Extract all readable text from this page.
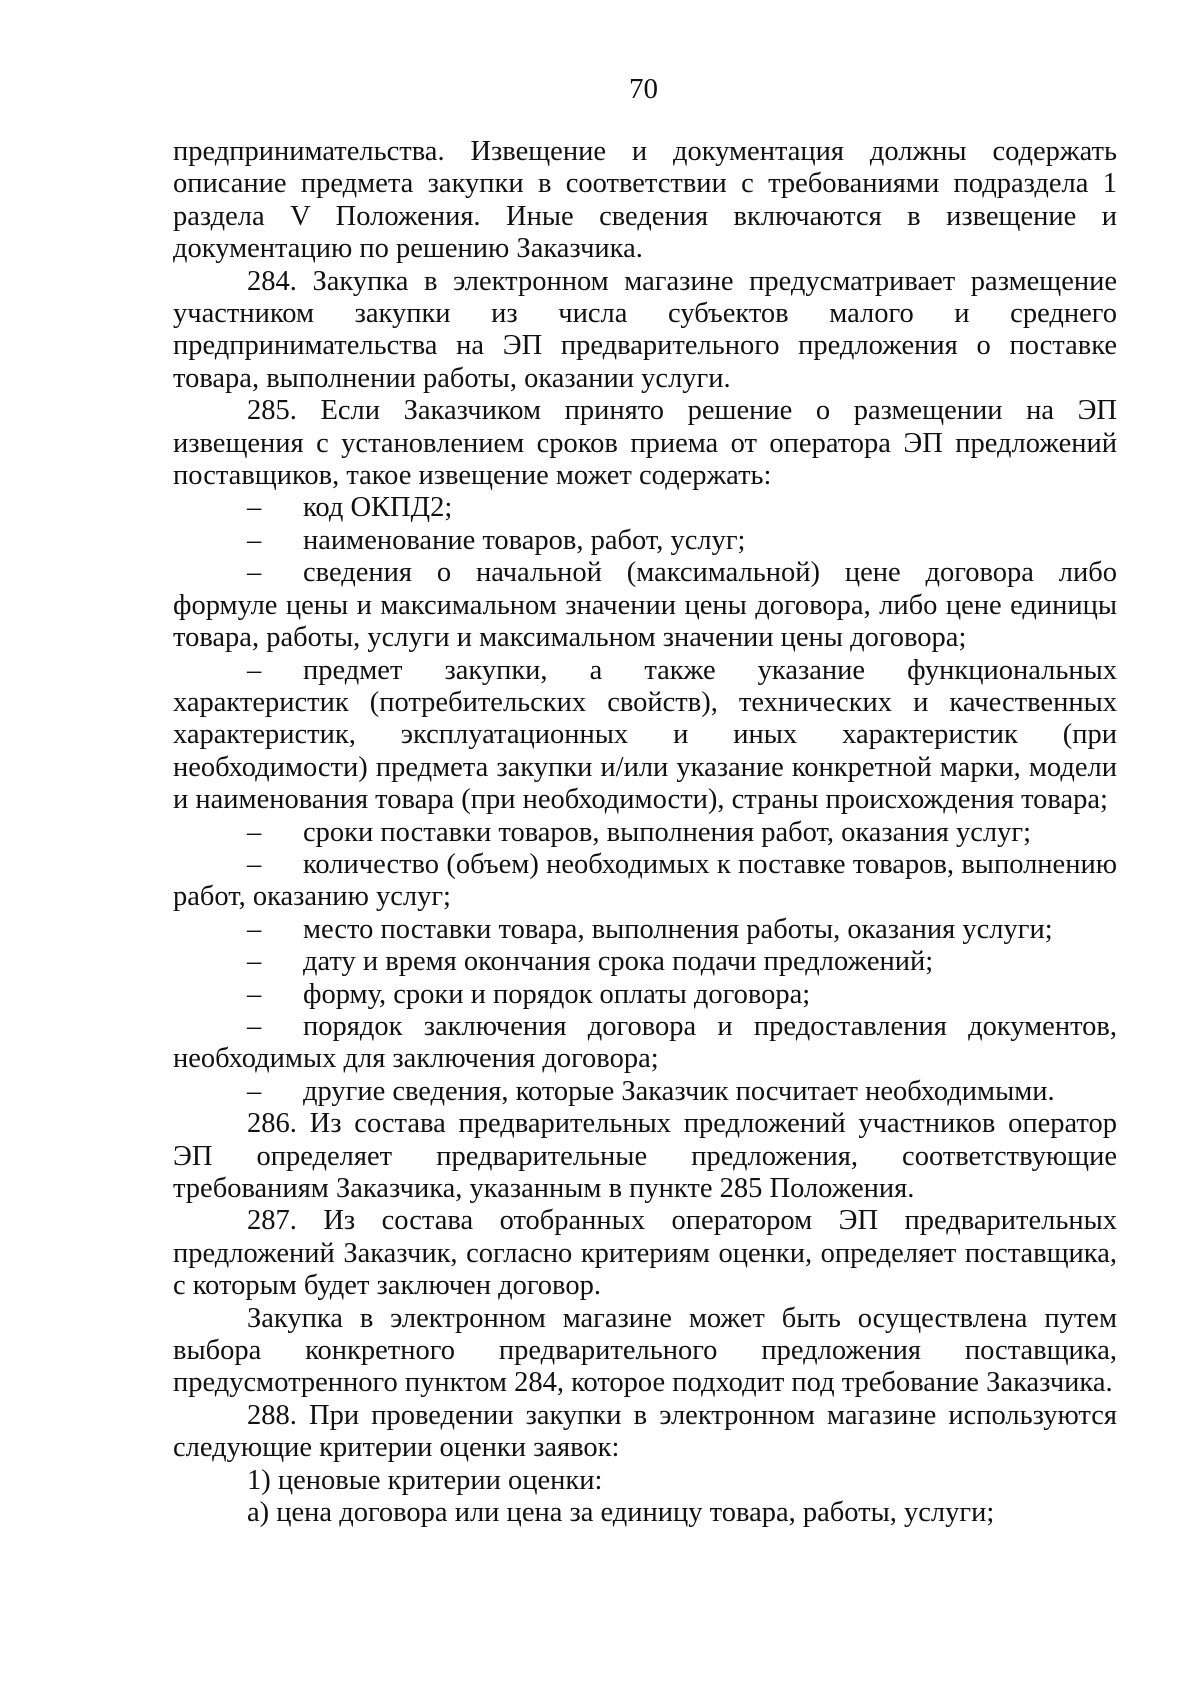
70

предпринимательства. Извещение и документация должны содержать описание предмета закупки в соответствии с требованиями подраздела 1 раздела V Положения. Иные сведения включаются в извещение и документацию по решению Заказчика.

284. Закупка в электронном магазине предусматривает размещение участником закупки из числа субъектов малого и среднего предпринимательства на ЭП предварительного предложения о поставке товара, выполнении работы, оказании услуги.

285. Если Заказчиком принято решение о размещении на ЭП извещения с установлением сроков приема от оператора ЭП предложений поставщиков, такое извещение может содержать:

– код ОКПД2;

– наименование товаров, работ, услуг;

– сведения о начальной (максимальной) цене договора либо формуле цены и максимальном значении цены договора, либо цене единицы товара, работы, услуги и максимальном значении цены договора;

– предмет закупки, а также указание функциональных характеристик (потребительских свойств), технических и качественных характеристик, эксплуатационных и иных характеристик (при необходимости) предмета закупки и/или указание конкретной марки, модели и наименования товара (при необходимости), страны происхождения товара;

– сроки поставки товаров, выполнения работ, оказания услуг;

– количество (объем) необходимых к поставке товаров, выполнению работ, оказанию услуг;

– место поставки товара, выполнения работы, оказания услуги;

– дату и время окончания срока подачи предложений;

– форму, сроки и порядок оплаты договора;

– порядок заключения договора и предоставления документов, необходимых для заключения договора;

– другие сведения, которые Заказчик посчитает необходимыми.

286. Из состава предварительных предложений участников оператор ЭП определяет предварительные предложения, соответствующие требованиям Заказчика, указанным в пункте 285 Положения.

287. Из состава отобранных оператором ЭП предварительных предложений Заказчик, согласно критериям оценки, определяет поставщика, с которым будет заключен договор.

Закупка в электронном магазине может быть осуществлена путем выбора конкретного предварительного предложения поставщика, предусмотренного пунктом 284, которое подходит под требование Заказчика.

288. При проведении закупки в электронном магазине используются следующие критерии оценки заявок:

1) ценовые критерии оценки:

а) цена договора или цена за единицу товара, работы, услуги;
